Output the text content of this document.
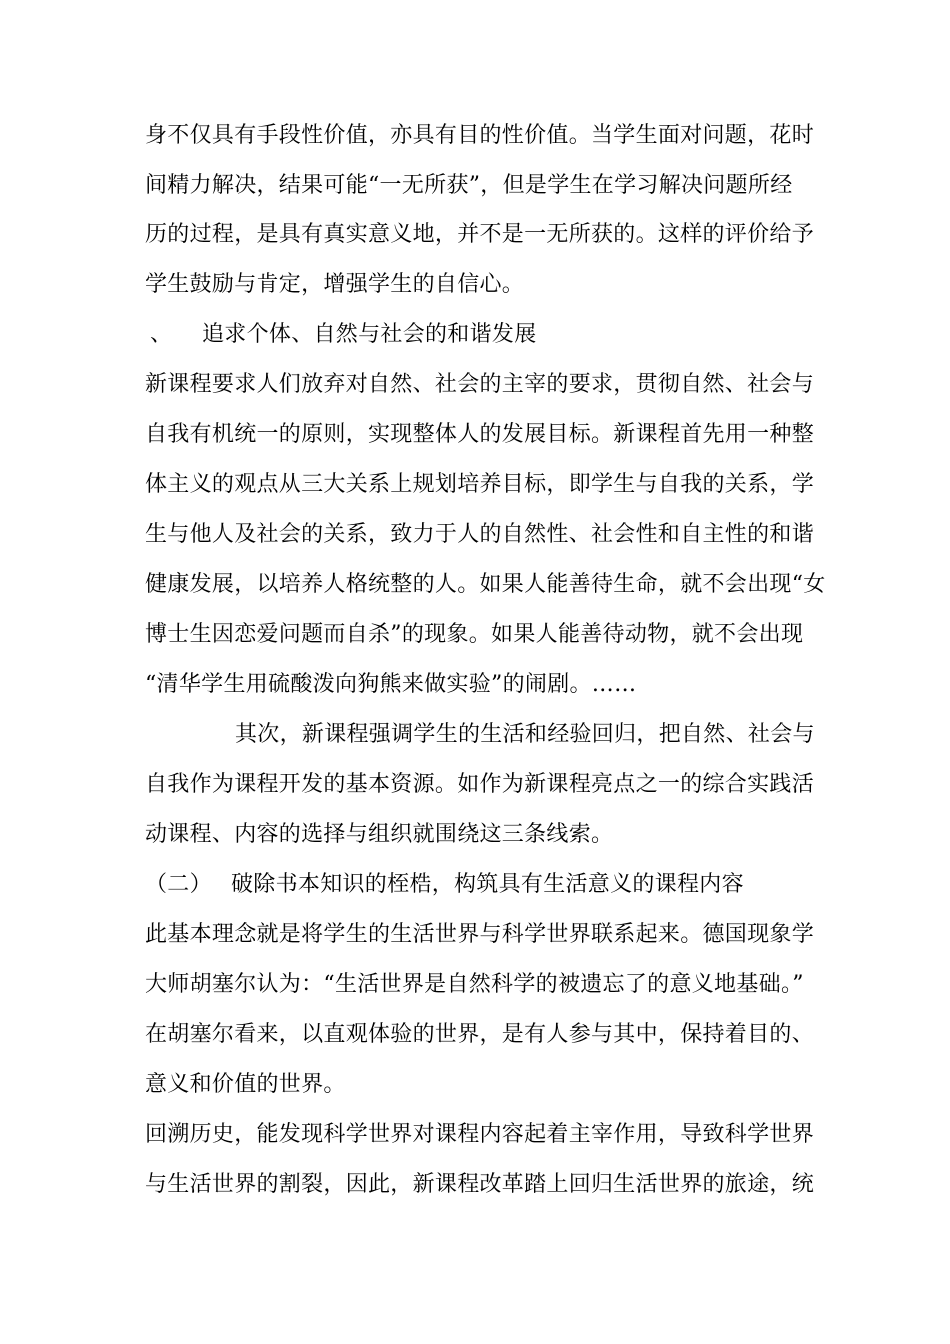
身不仅具有手段性价值，亦具有目的性价值。当学生面对问题，花时
间精力解决，结果可能“一无所获”，但是学生在学习解决问题所经
历的过程，是具有真实意义地，并不是一无所获的。这样的评价给予
学生鼓励与肯定，增强学生的自信心。
、 追求个体、自然与社会的和谐发展
新课程要求人们放弃对自然、社会的主宰的要求，贯彻自然、社会与
自我有机统一的原则，实现整体人的发展目标。新课程首先用一种整
体主义的观点从三大关系上规划培养目标，即学生与自我的关系，学
生与他人及社会的关系，致力于人的自然性、社会性和自主性的和谐
健康发展，以培养人格统整的人。如果人能善待生命，就不会出现“女
博士生因恋爱问题而自杀”的现象。如果人能善待动物，就不会出现
“清华学生用硫酸泼向狗熊来做实验”的闹剧。……
其次，新课程强调学生的生活和经验回归，把自然、社会与
自我作为课程开发的基本资源。如作为新课程亮点之一的综合实践活
动课程、内容的选择与组织就围绕这三条线索。
（二） 破除书本知识的桎梏，构筑具有生活意义的课程内容
此基本理念就是将学生的生活世界与科学世界联系起来。德国现象学
大师胡塞尔认为：“生活世界是自然科学的被遗忘了的意义地基础。”
在胡塞尔看来，以直观体验的世界，是有人参与其中，保持着目的、
意义和价值的世界。
回溯历史，能发现科学世界对课程内容起着主宰作用，导致科学世界
与生活世界的割裂，因此，新课程改革踏上回归生活世界的旅途，统
